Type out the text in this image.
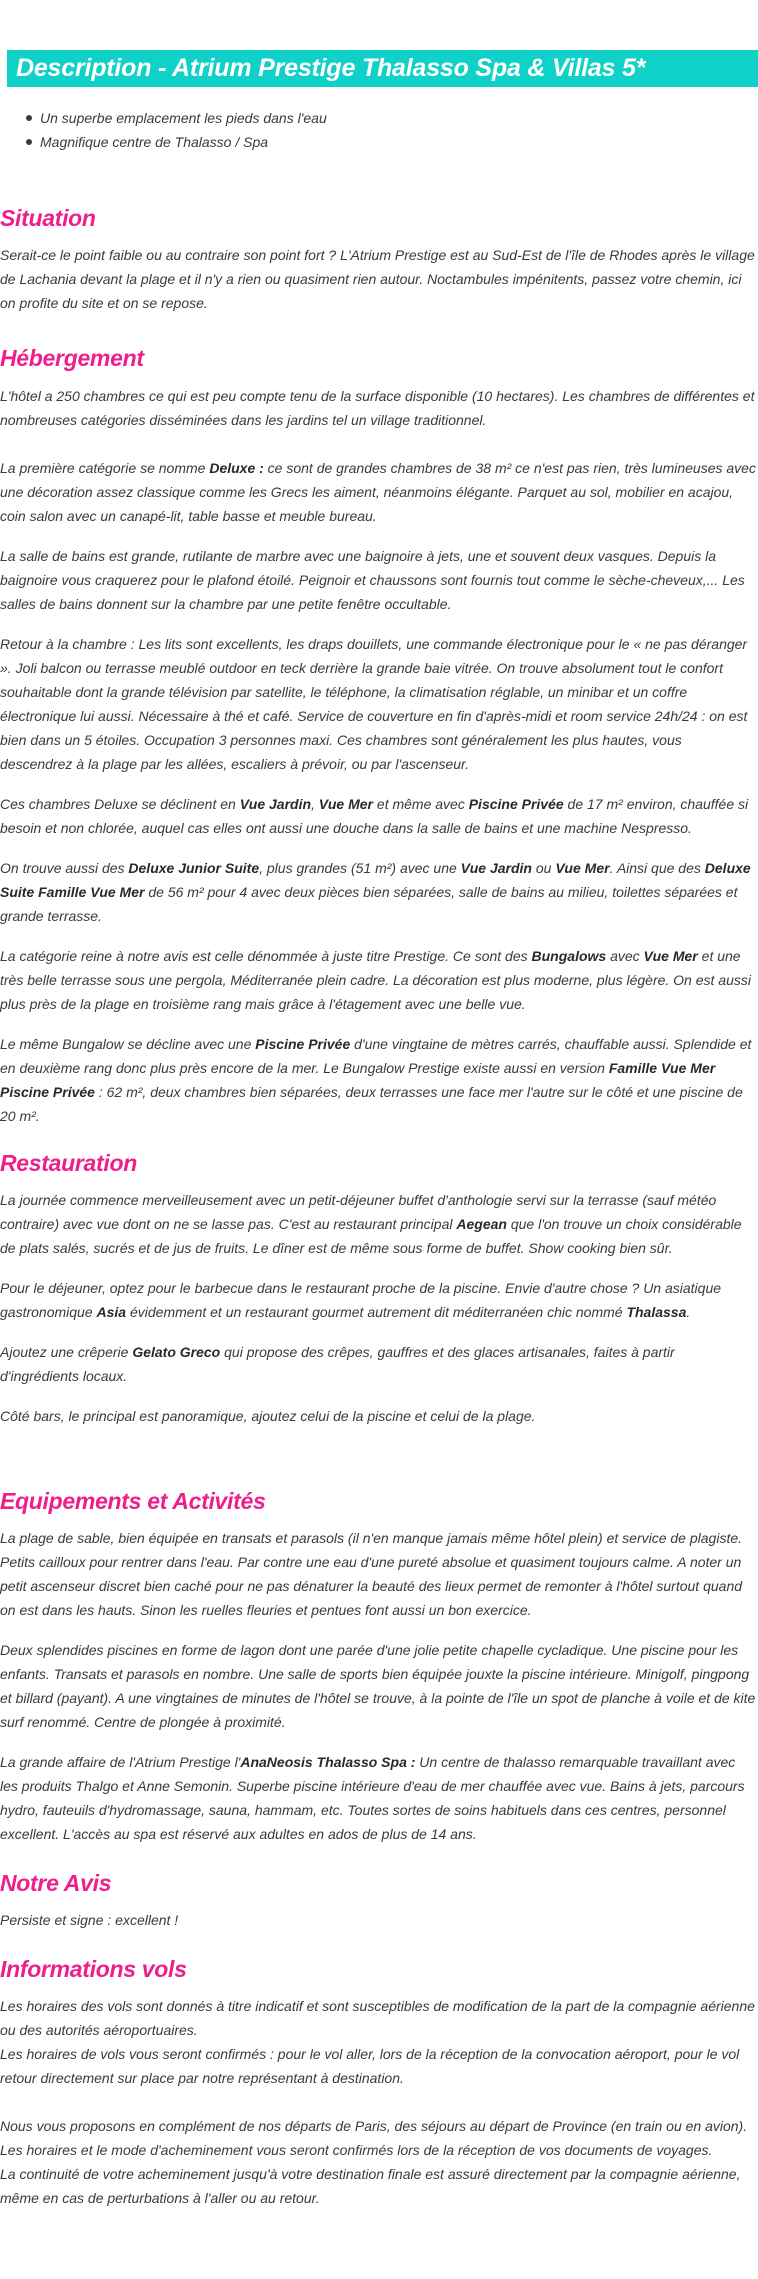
Description - Atrium Prestige Thalasso Spa & Villas 5*
Un superbe emplacement les pieds dans l'eau
Magnifique centre de Thalasso / Spa
Situation

Serait-ce le point faible ou au contraire son point fort ? L'Atrium Prestige est au Sud-Est de l'île de Rhodes après le village de Lachania devant la plage et il n'y a rien ou quasiment rien autour. Noctambules impénitents, passez votre chemin, ici on profite du site et on se repose.

Hébergement

L'hôtel a 250 chambres ce qui est peu compte tenu de la surface disponible (10 hectares). Les chambres de différentes et nombreuses catégories disséminées dans les jardins tel un village traditionnel.

La première catégorie se nomme Deluxe : ce sont de grandes chambres de 38 m² ce n'est pas rien, très lumineuses avec une décoration assez classique comme les Grecs les aiment, néanmoins élégante. Parquet au sol, mobilier en acajou, coin salon avec un canapé-lit, table basse et meuble bureau.

La salle de bains est grande, rutilante de marbre avec une baignoire à jets, une et souvent deux vasques. Depuis la baignoire vous craquerez pour le plafond étoilé. Peignoir et chaussons sont fournis tout comme le sèche-cheveux,... Les salles de bains donnent sur la chambre par une petite fenêtre occultable.

Retour à la chambre : Les lits sont excellents, les draps douillets, une commande électronique pour le « ne pas déranger ». Joli balcon ou terrasse meublé outdoor en teck derrière la grande baie vitrée. On trouve absolument tout le confort souhaitable dont la grande télévision par satellite, le téléphone, la climatisation réglable, un minibar et un coffre électronique lui aussi. Nécessaire à thé et café. Service de couverture en fin d'après-midi et room service 24h/24 : on est bien dans un 5 étoiles. Occupation 3 personnes maxi. Ces chambres sont généralement les plus hautes, vous descendrez à la plage par les allées, escaliers à prévoir, ou par l'ascenseur.

Ces chambres Deluxe se déclinent en Vue Jardin, Vue Mer et même avec Piscine Privée de 17 m² environ, chauffée si besoin et non chlorée, auquel cas elles ont aussi une douche dans la salle de bains et une machine Nespresso.

On trouve aussi des Deluxe Junior Suite, plus grandes (51 m²) avec une Vue Jardin ou Vue Mer. Ainsi que des Deluxe Suite Famille Vue Mer de 56 m² pour 4 avec deux pièces bien séparées, salle de bains au milieu, toilettes séparées et grande terrasse.

La catégorie reine à notre avis est celle dénommée à juste titre Prestige. Ce sont des Bungalows avec Vue Mer et une très belle terrasse sous une pergola, Méditerranée plein cadre. La décoration est plus moderne, plus légère. On est aussi plus près de la plage en troisième rang mais grâce à l'étagement avec une belle vue.

Le même Bungalow se décline avec une Piscine Privée d'une vingtaine de mètres carrés, chauffable aussi. Splendide et en deuxième rang donc plus près encore de la mer. Le Bungalow Prestige existe aussi en version Famille Vue Mer Piscine Privée : 62 m², deux chambres bien séparées, deux terrasses une face mer l'autre sur le côté et une piscine de 20 m².

Restauration

La journée commence merveilleusement avec un petit-déjeuner buffet d'anthologie servi sur la terrasse (sauf météo contraire) avec vue dont on ne se lasse pas. C'est au restaurant principal Aegean que l'on trouve un choix considérable de plats salés, sucrés et de jus de fruits. Le dîner est de même sous forme de buffet. Show cooking bien sûr.

Pour le déjeuner, optez pour le barbecue dans le restaurant proche de la piscine. Envie d'autre chose ? Un asiatique gastronomique Asia évidemment et un restaurant gourmet autrement dit méditerranéen chic nommé Thalassa.

Ajoutez une crêperie Gelato Greco qui propose des crêpes, gauffres et des glaces artisanales, faites à partir d'ingrédients locaux.

Côté bars, le principal est panoramique, ajoutez celui de la piscine et celui de la plage.

Equipements et Activités

La plage de sable, bien équipée en transats et parasols (il n'en manque jamais même hôtel plein) et service de plagiste. Petits cailloux pour rentrer dans l'eau. Par contre une eau d'une pureté absolue et quasiment toujours calme. A noter un petit ascenseur discret bien caché pour ne pas dénaturer la beauté des lieux permet de remonter à l'hôtel surtout quand on est dans les hauts. Sinon les ruelles fleuries et pentues font aussi un bon exercice.

Deux splendides piscines en forme de lagon dont une parée d'une jolie petite chapelle cycladique. Une piscine pour les enfants. Transats et parasols en nombre. Une salle de sports bien équipée jouxte la piscine intérieure. Minigolf, pingpong et billard (payant). A une vingtaines de minutes de l'hôtel se trouve, à la pointe de l'île un spot de planche à voile et de kite surf renommé. Centre de plongée à proximité.

La grande affaire de l'Atrium Prestige l'AnaNeosis Thalasso Spa : Un centre de thalasso remarquable travaillant avec les produits Thalgo et Anne Semonin. Superbe piscine intérieure d'eau de mer chauffée avec vue. Bains à jets, parcours hydro, fauteuils d'hydromassage, sauna, hammam, etc. Toutes sortes de soins habituels dans ces centres, personnel excellent. L'accès au spa est réservé aux adultes en ados de plus de 14 ans.

Notre Avis

Persiste et signe : excellent !

Informations vols

Les horaires des vols sont donnés à titre indicatif et sont susceptibles de modification de la part de la compagnie aérienne ou des autorités aéroportuaires.

Les horaires de vols vous seront confirmés : pour le vol aller, lors de la réception de la convocation aéroport, pour le vol retour directement sur place par notre représentant à destination.

Nous vous proposons en complément de nos départs de Paris, des séjours au départ de Province (en train ou en avion).

Les horaires et le mode d'acheminement vous seront confirmés lors de la réception de vos documents de voyages.

La continuité de votre acheminement jusqu'à votre destination finale est assuré directement par la compagnie aérienne, même en cas de perturbations à l'aller ou au retour.
